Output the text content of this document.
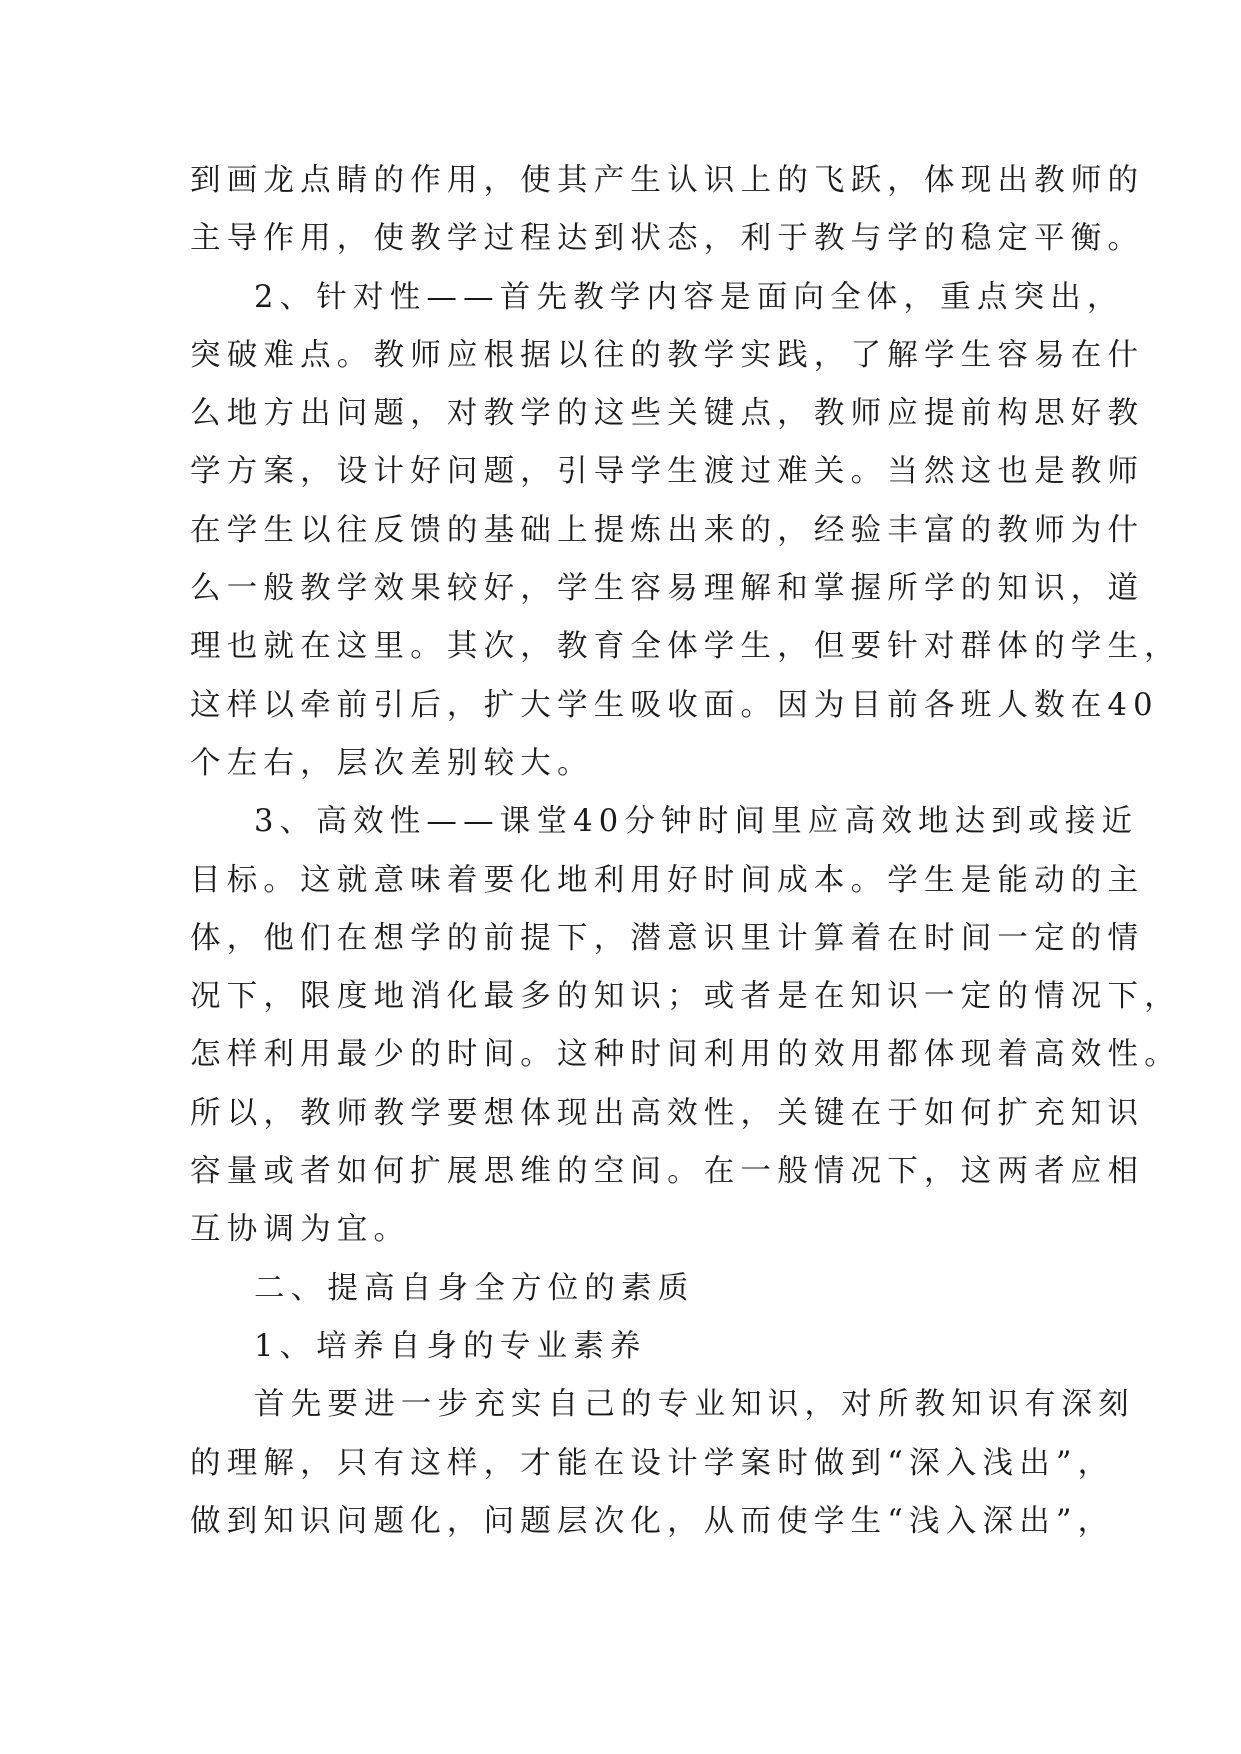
到画龙点睛的作用，使其产生认识上的飞跃，体现出教师的
主导作用，使教学过程达到状态，利于教与学的稳定平衡。
2、针对性——首先教学内容是面向全体，重点突出，
突破难点。教师应根据以往的教学实践，了解学生容易在什
么地方出问题，对教学的这些关键点，教师应提前构思好教
学方案，设计好问题，引导学生渡过难关。当然这也是教师
在学生以往反馈的基础上提炼出来的，经验丰富的教师为什
么一般教学效果较好，学生容易理解和掌握所学的知识，道
理也就在这里。其次，教育全体学生，但要针对群体的学生，
这样以牵前引后，扩大学生吸收面。因为目前各班人数在40
个左右，层次差别较大。
3、高效性——课堂40分钟时间里应高效地达到或接近
目标。这就意味着要化地利用好时间成本。学生是能动的主
体，他们在想学的前提下，潜意识里计算着在时间一定的情
况下，限度地消化最多的知识；或者是在知识一定的情况下，
怎样利用最少的时间。这种时间利用的效用都体现着高效性。
所以，教师教学要想体现出高效性，关键在于如何扩充知识
容量或者如何扩展思维的空间。在一般情况下，这两者应相
互协调为宜。
二、提高自身全方位的素质
1、培养自身的专业素养
首先要进一步充实自己的专业知识，对所教知识有深刻
的理解，只有这样，才能在设计学案时做到“深入浅出”，
做到知识问题化，问题层次化，从而使学生“浅入深出”，
